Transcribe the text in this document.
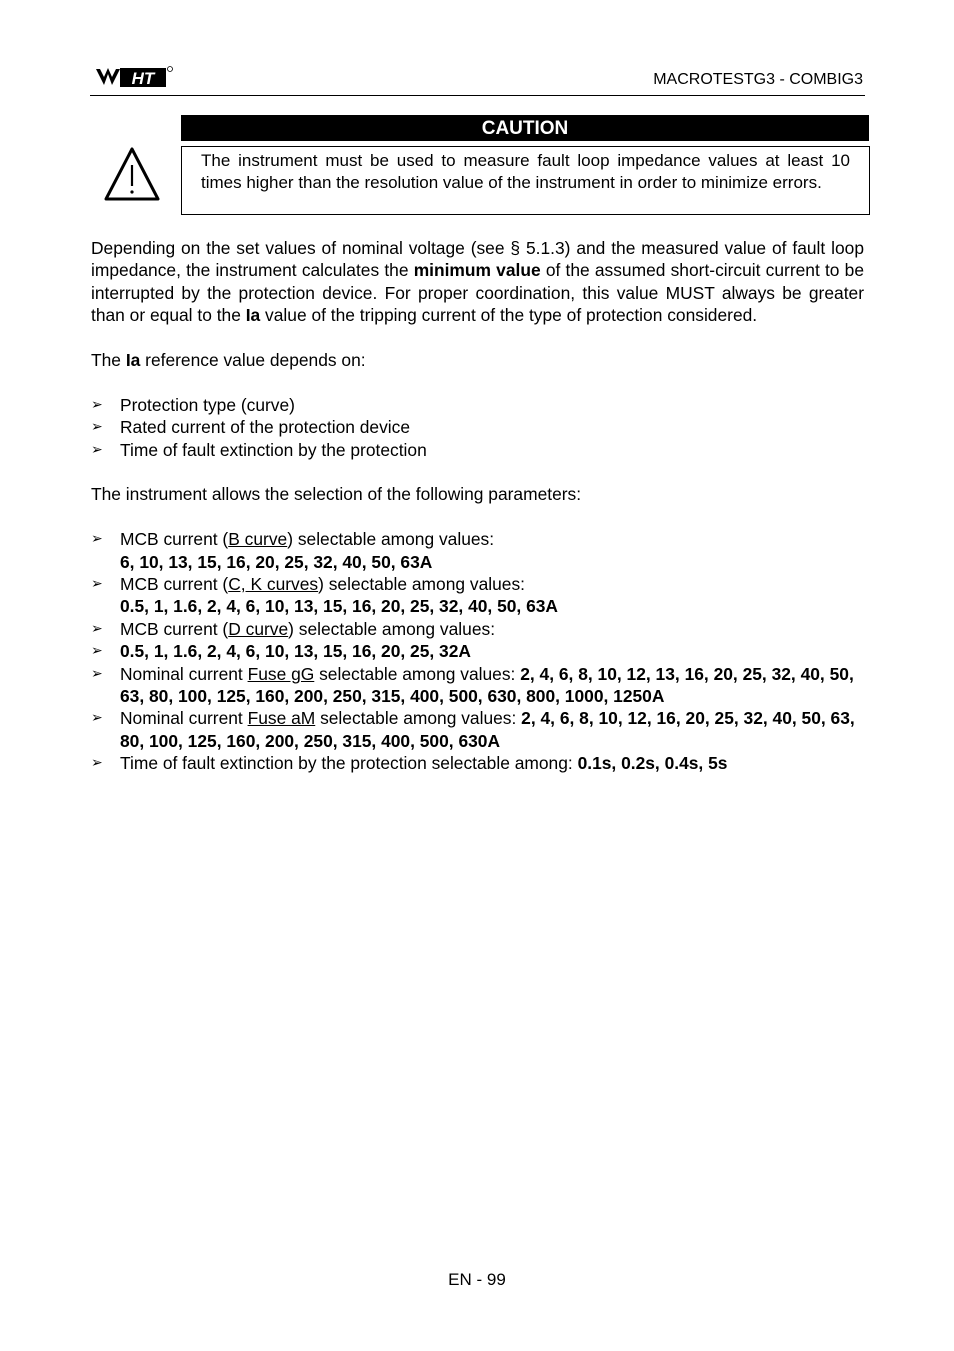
HT	MACROTESTG3 - COMBIG3
CAUTION
The instrument must be used to measure fault loop impedance values at least 10 times higher than the resolution value of the instrument in order to minimize errors.

Depending on the set values of nominal voltage (see § 5.1.3) and the measured value of fault loop impedance, the instrument calculates the minimum value of the assumed short-circuit current to be interrupted by the protection device. For proper coordination, this value MUST always be greater than or equal to the Ia value of the tripping current of the type of protection considered.

The Ia reference value depends on:

➢ Protection type (curve)
➢ Rated current of the protection device
➢ Time of fault extinction by the protection

The instrument allows the selection of the following parameters:

➢ MCB current (B curve) selectable among values:
6, 10, 13, 15, 16, 20, 25, 32, 40, 50, 63A
➢ MCB current (C, K curves) selectable among values:
0.5, 1, 1.6, 2, 4, 6, 10, 13, 15, 16, 20, 25, 32, 40, 50, 63A
➢ MCB current (D curve) selectable among values:
➢ 0.5, 1, 1.6, 2, 4, 6, 10, 13, 15, 16, 20, 25, 32A
➢ Nominal current Fuse gG selectable among values: 2, 4, 6, 8, 10, 12, 13, 16, 20, 25, 32, 40, 50, 63, 80, 100, 125, 160, 200, 250, 315, 400, 500, 630, 800, 1000, 1250A
➢ Nominal current Fuse aM selectable among values: 2, 4, 6, 8, 10, 12, 16, 20, 25, 32, 40, 50, 63, 80, 100, 125, 160, 200, 250, 315, 400, 500, 630A
➢ Time of fault extinction by the protection selectable among: 0.1s, 0.2s, 0.4s, 5s
EN - 99
